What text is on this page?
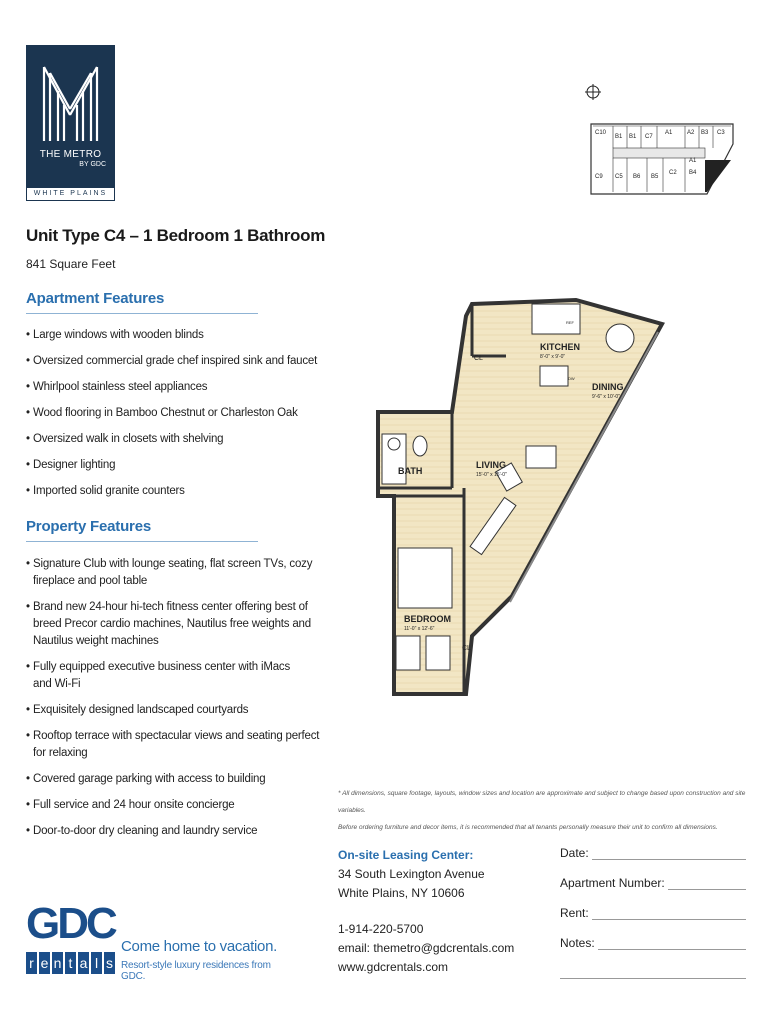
THE METRO
BY GDC
WHITE PLAINS
C10
B1 B1 C7
A1 A2 B3 C3
C9 C5 B6 B5
C2 B4
A1
Unit Type C4 – 1 Bedroom 1 Bathroom
841 Square Feet
Apartment Features
• Large windows with wooden blinds
• Oversized commercial grade chef inspired sink and faucet
• Whirlpool stainless steel appliances
• Wood flooring in Bamboo Chestnut or Charleston Oak
• Oversized walk in closets with shelving
• Designer lighting
• Imported solid granite counters
Property Features
• Signature Club with lounge seating, flat screen TVs, cozy
fireplace and pool table
• Brand new 24-hour hi-tech fitness center offering best of
breed Precor cardio machines, Nautilus free weights and
Nautilus weight machines
• Fully equipped executive business center with iMacs
and Wi-Fi
• Exquisitely designed landscaped courtyards
• Rooftop terrace with spectacular views and seating perfect
for relaxing
• Covered garage parking with access to building
• Full service and 24 hour onsite concierge
• Door-to-door dry cleaning and laundry service
KITCHEN
8'-0" x 9'-0"
DINING
9'-6" x 10'-0"
LIVING
15'-0" x 15'-0"
BATH
BEDROOM
11'-0" x 12'-6"
CL
CL
REF
DW
* All dimensions, square footage, layouts, window sizes and location are approximate and subject to change based upon construction and site variables.
Before ordering furniture and decor items, it is recommended that all tenants personally measure their unit to confirm all dimensions.
On-site Leasing Center:
34 South Lexington Avenue
White Plains, NY 10606
1-914-220-5700
email: themetro@gdcrentals.com
www.gdcrentals.com
Date:
Apartment Number:
Rent:
Notes:
GDC
r e n t a l s
Come home to vacation.
Resort-style luxury residences from GDC.
